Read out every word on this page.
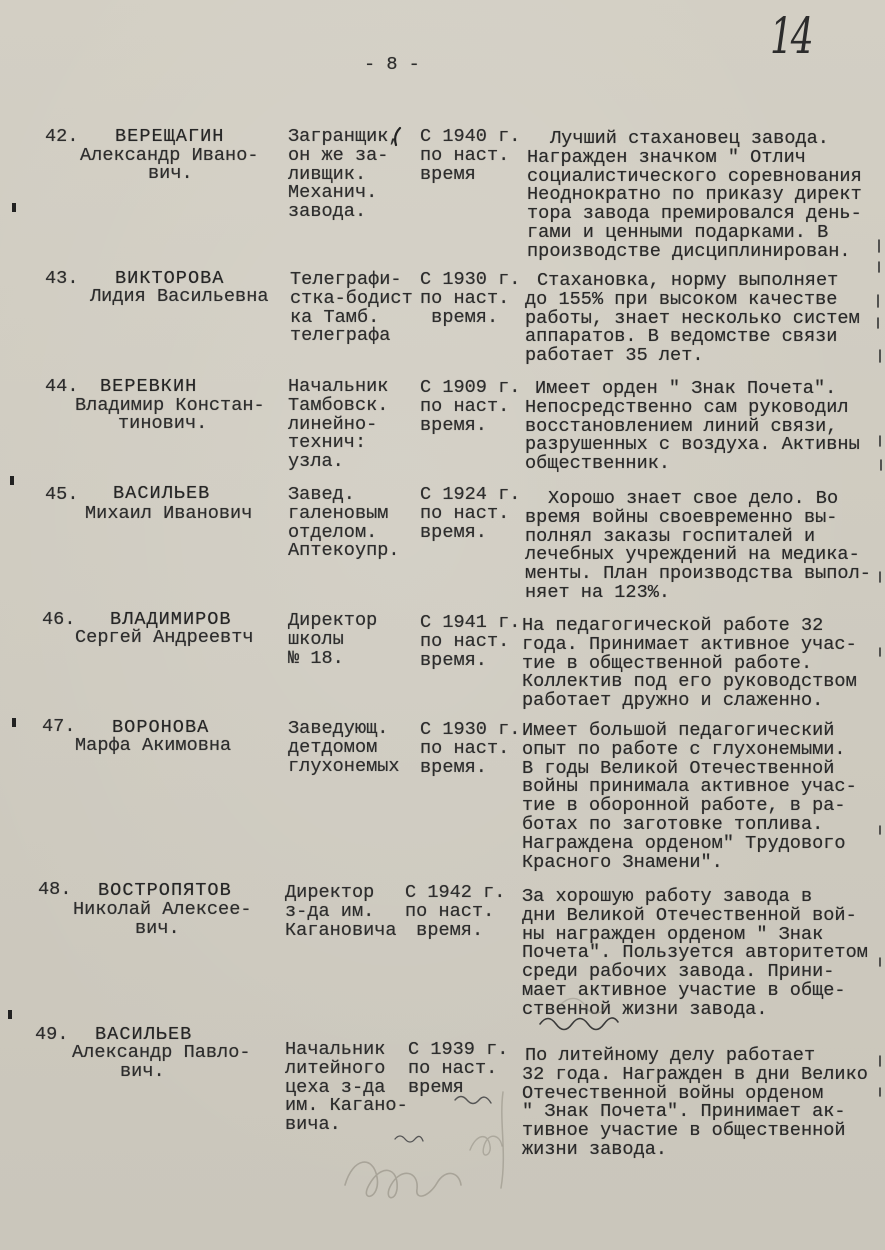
14
- 8 -
42. ВЕРЕЩАГИН
Александр Ивано-
вич.
Загранщик,
он же за-
ливщик.
Механич.
завода.
С 1940 г.
по наст.
время
Лучший стахановец завода.
Награжден значком " Отлич
социалистического соревнования
Неоднократно по приказу директ
тора завода премировался день-
гами и ценными подарками. В
производстве дисциплинирован.
43. ВИКТОРОВА
Лидия Васильевна
Телеграфи-
стка-бодист
ка Тамб.
телеграфа
С 1930 г.
по наст.
время.
Стахановка, норму выполняет
до 155% при высоком качестве
работы, знает несколько систем
аппаратов. В ведомстве связи
работает 35 лет.
44. ВЕРЕВКИН
Владимир Констан-
тинович.
Начальник
Тамбовск.
линейно-
технич:
узла.
С 1909 г.
по наст.
время.
Имеет орден " Знак Почета".
Непосредственно сам руководил
восстановлением линий связи,
разрушенных с воздуха. Активны
общественник.
45. ВАСИЛЬЕВ
Михаил Иванович
Завед.
галеновым
отделом.
Аптекоупр.
С 1924 г.
по наст.
время.
Хорошо знает свое дело. Во
время войны своевременно вы-
полнял заказы госпиталей и
лечебных учреждений на медика-
менты. План производства выпол-
няет на 123%.
46. ВЛАДИМИРОВ
Сергей Андреевтч
Директор
школы
№ 18.
С 1941 г.
по наст.
время.
На педагогической работе 32
года. Принимает активное учас-
тие в общественной работе.
Коллектив под его руководством
работает дружно и слаженно.
47. ВОРОНОВА
Марфа Акимовна
Заведующ.
детдомом
глухонемых
С 1930 г.
по наст.
время.
Имеет большой педагогический
опыт по работе с глухонемыми.
В годы Великой Отечественной
войны принимала активное учас-
тие в оборонной работе, в ра-
ботах по заготовке топлива.
Награждена орденом" Трудового
Красного Знамени".
48. ВОСТРОПЯТОВ
Николай Алексее-
вич.
Директор
з-да им.
Кагановича
С 1942 г.
по наст.
время.
За хорошую работу завода в
дни Великой Отечественной вой-
ны награжден орденом " Знак
Почета". Пользуется авторитетом
среди рабочих завода. Прини-
мает активное участие в обще-
ственной жизни завода.
49. ВАСИЛЬЕВ
Александр Павло-
вич.
Начальник
литейного
цеха з-да
им. Кагано-
вича.
С 1939 г.
по наст.
время
По литейному делу работает
32 года. Награжден в дни Велико
Отечественной войны орденом
" Знак Почета". Принимает ак-
тивное участие в общественной
жизни завода.
